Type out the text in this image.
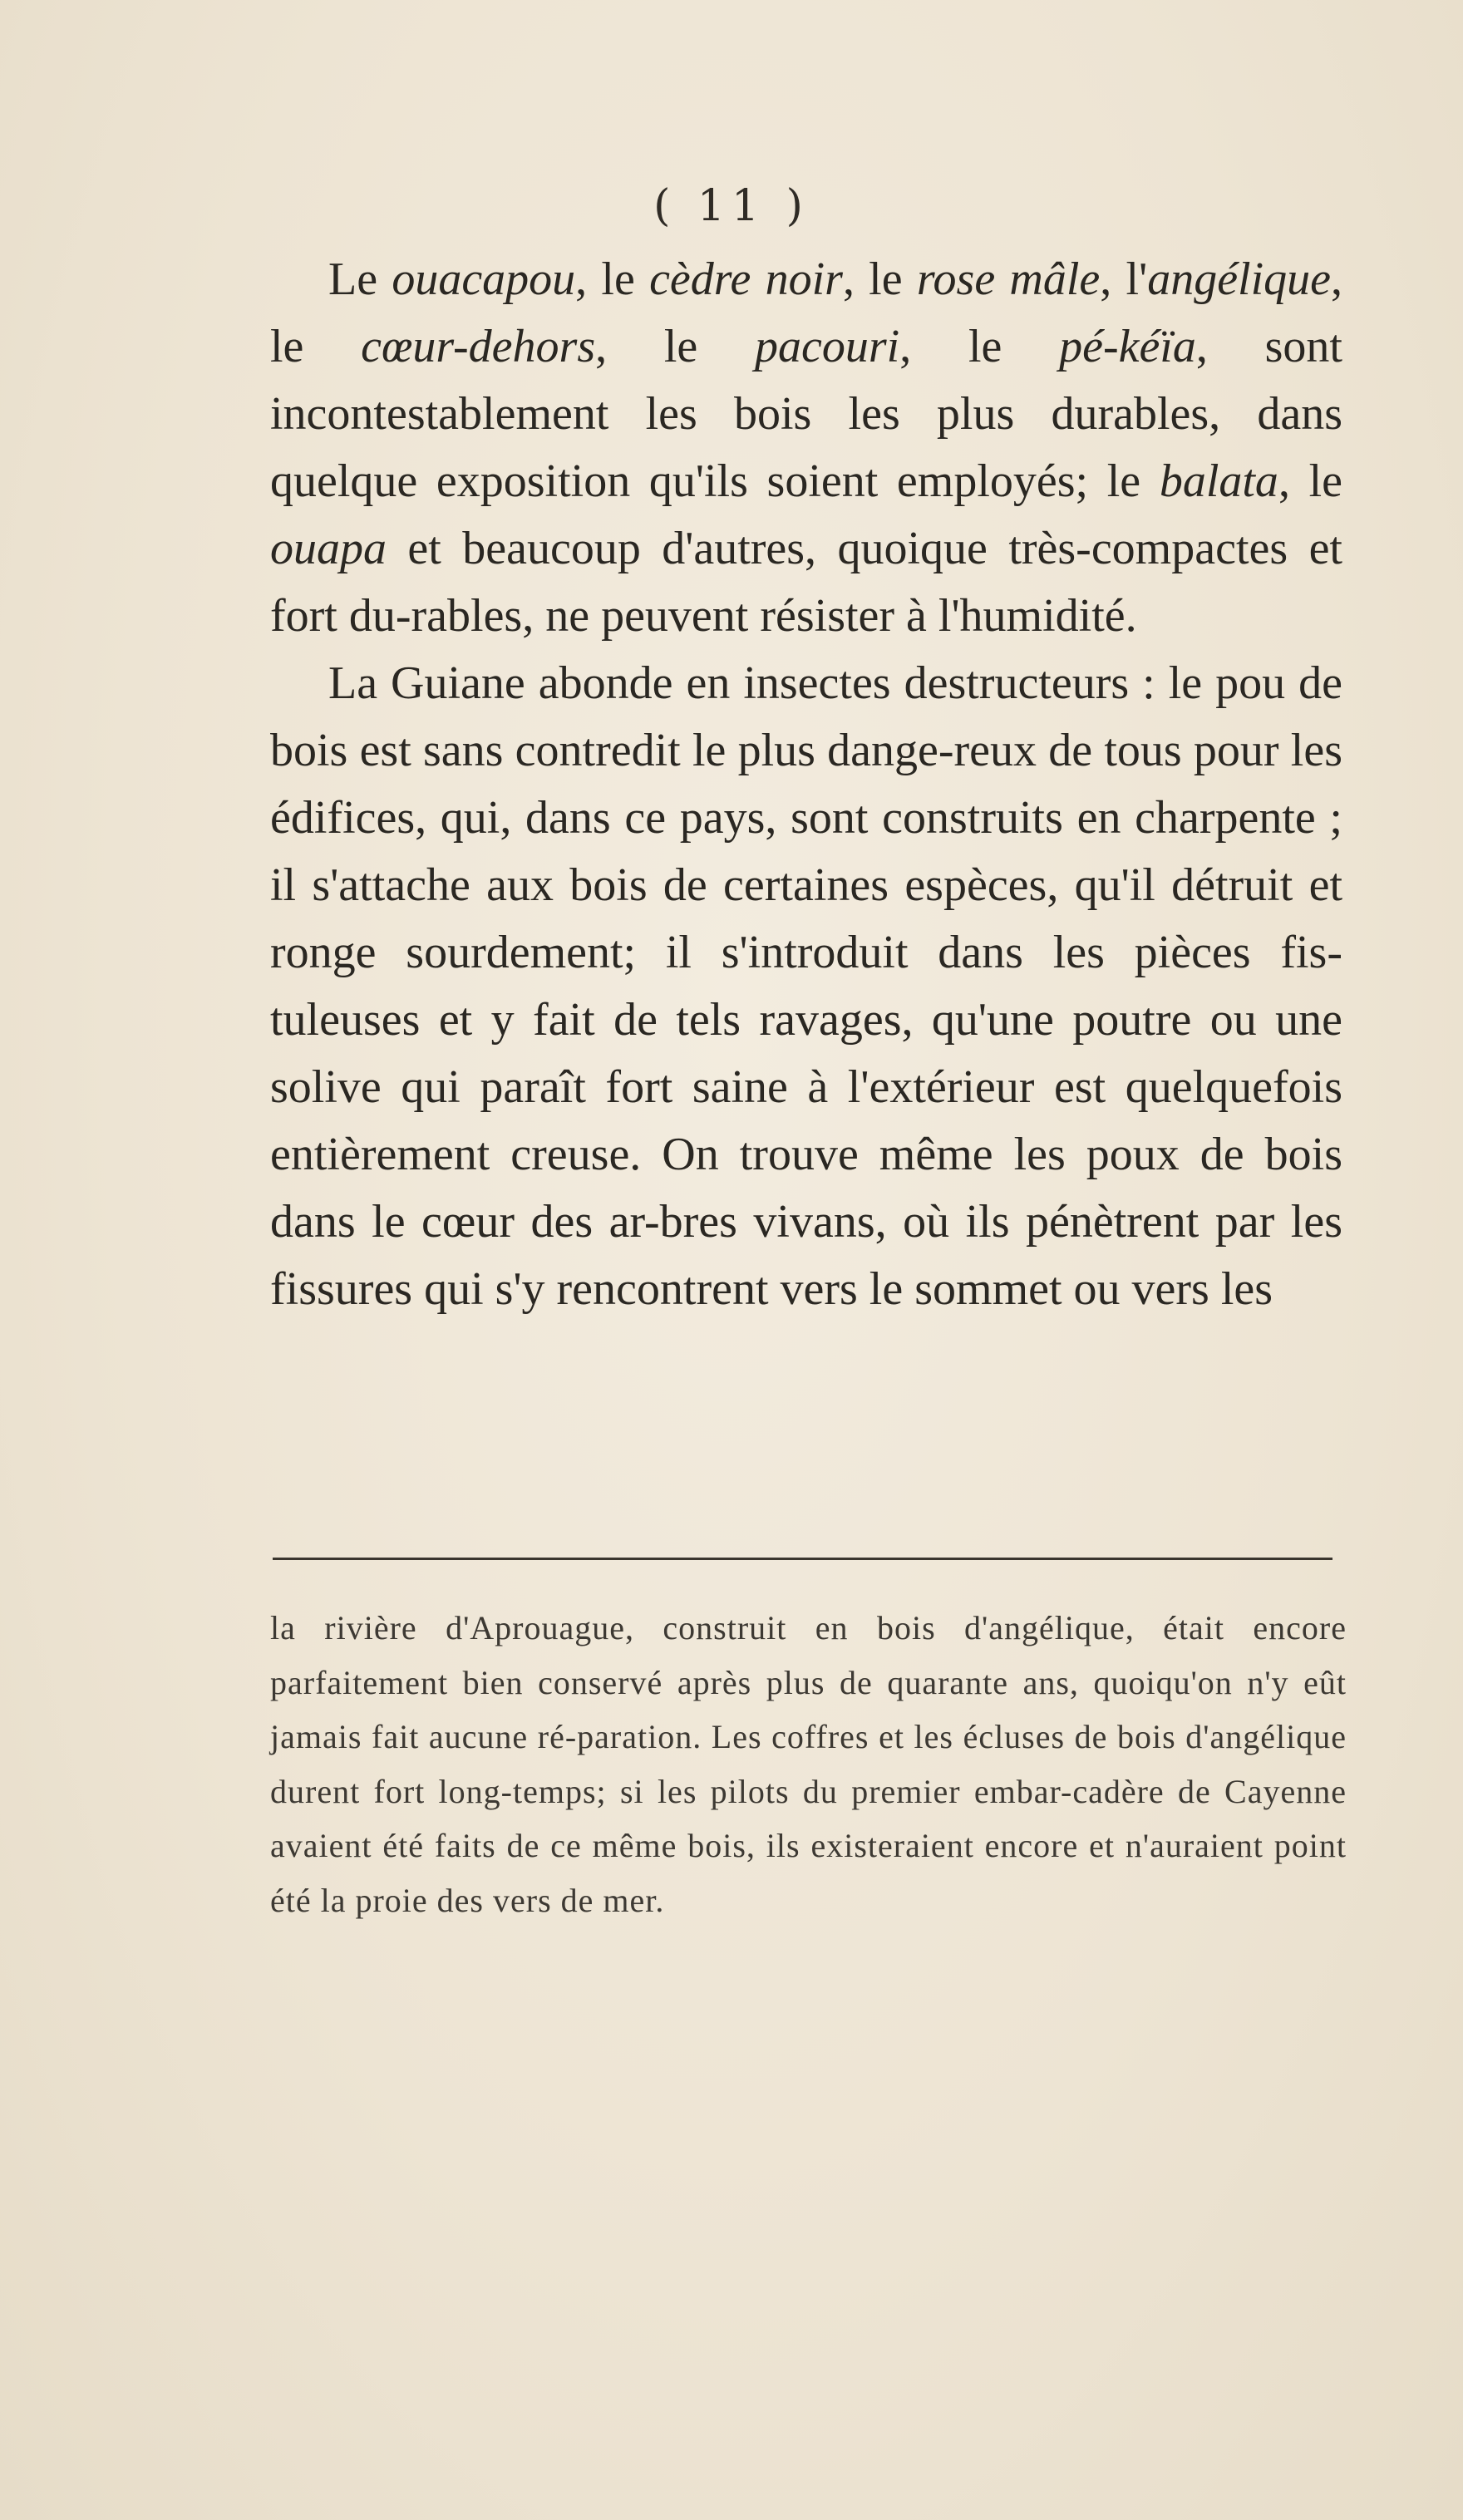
( 11 )

Le ouacapou, le cèdre noir, le rose mâle, l'angélique, le cœur-dehors, le pacouri, le pé-kéïa, sont incontestablement les bois les plus durables, dans quelque exposition qu'ils soient employés; le balata, le ouapa et beaucoup d'autres, quoique très-compactes et fort du-rables, ne peuvent résister à l'humidité.

La Guiane abonde en insectes destructeurs : le pou de bois est sans contredit le plus dange-reux de tous pour les édifices, qui, dans ce pays, sont construits en charpente ; il s'attache aux bois de certaines espèces, qu'il détruit et ronge sourdement; il s'introduit dans les pièces fis-tuleuses et y fait de tels ravages, qu'une poutre ou une solive qui paraît fort saine à l'extérieur est quelquefois entièrement creuse. On trouve même les poux de bois dans le cœur des ar-bres vivans, où ils pénètrent par les fissures qui s'y rencontrent vers le sommet ou vers les

la rivière d'Aprouague, construit en bois d'angélique, était encore parfaitement bien conservé après plus de quarante ans, quoiqu'on n'y eût jamais fait aucune ré-paration. Les coffres et les écluses de bois d'angélique durent fort long-temps; si les pilots du premier embar-cadère de Cayenne avaient été faits de ce même bois, ils existeraient encore et n'auraient point été la proie des vers de mer.
